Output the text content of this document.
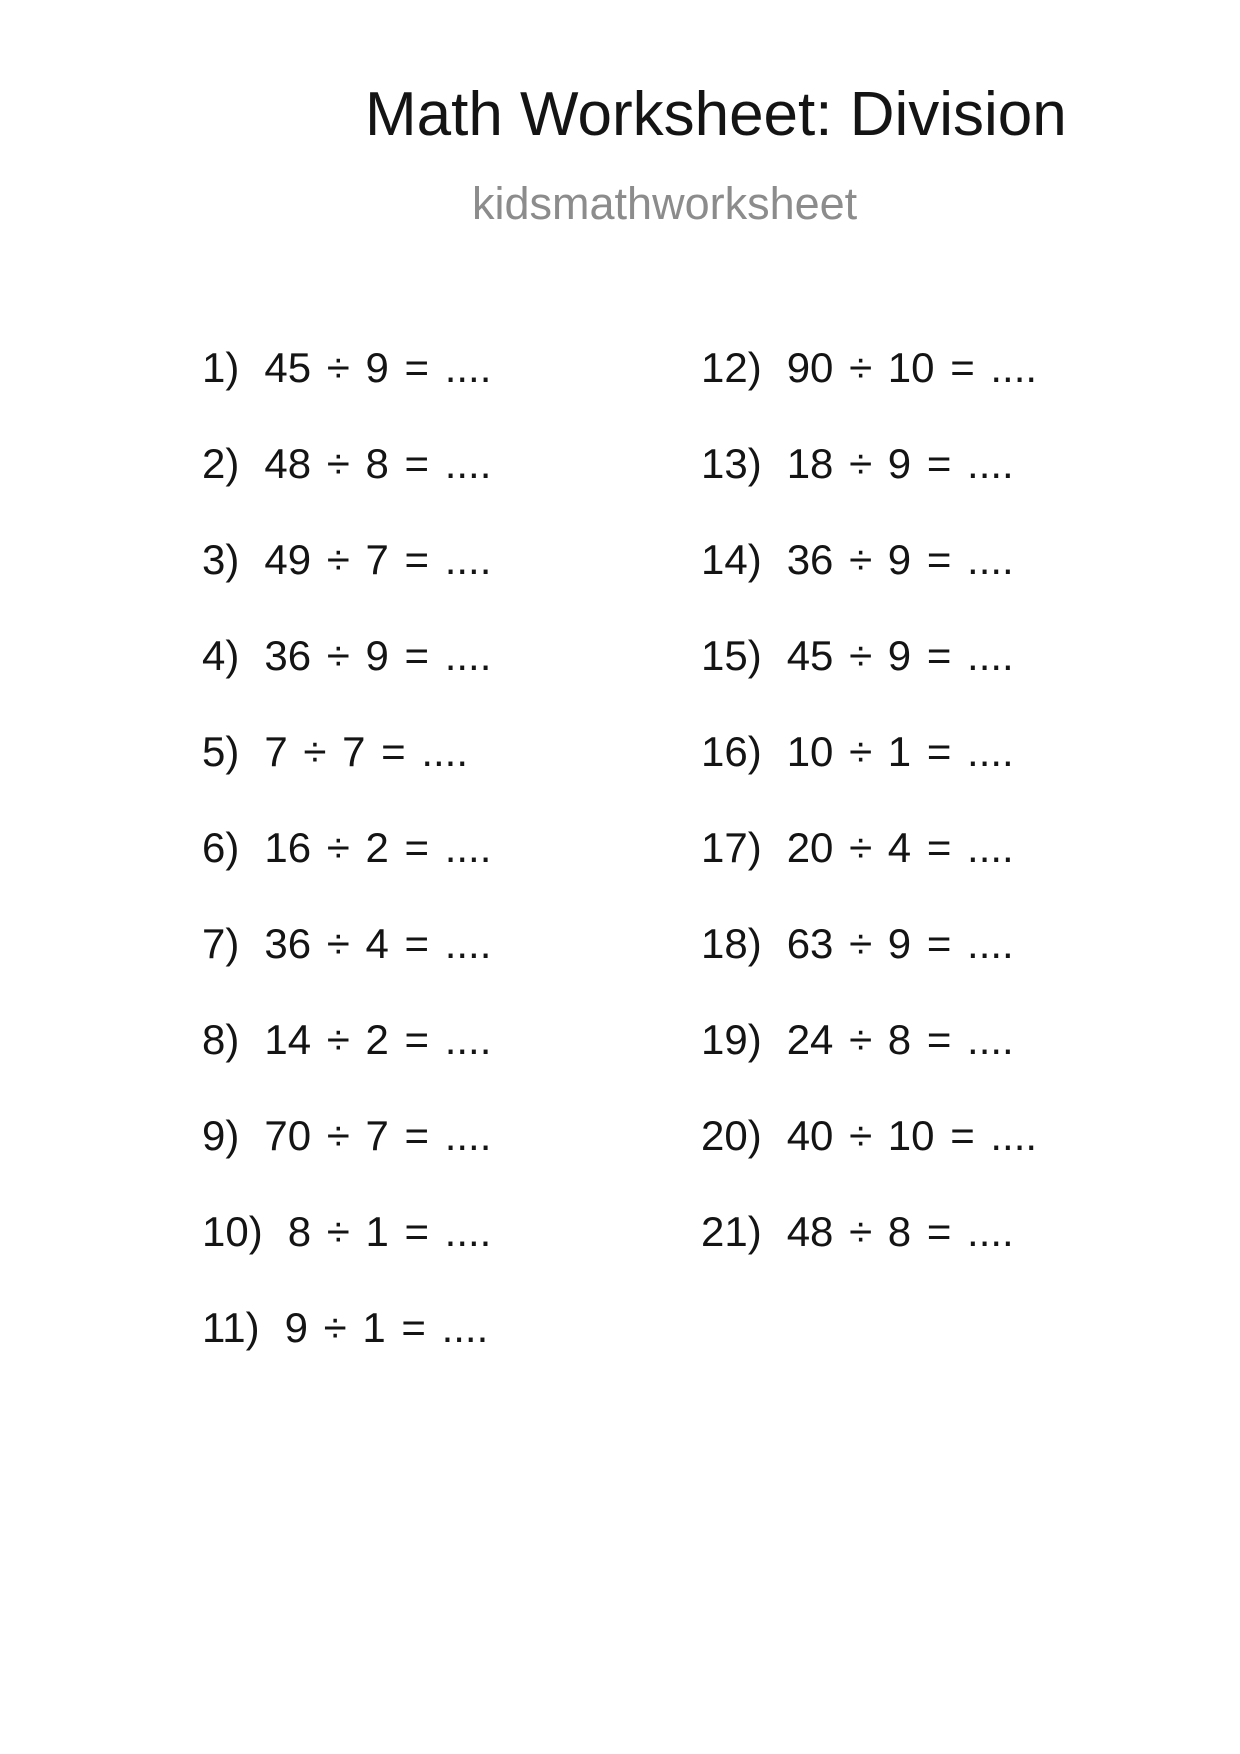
Math Worksheet: Division
kidsmathworksheet
1) 45 ÷ 9 = ....
2) 48 ÷ 8 = ....
3) 49 ÷ 7 = ....
4) 36 ÷ 9 = ....
5) 7 ÷ 7 = ....
6) 16 ÷ 2 = ....
7) 36 ÷ 4 = ....
8) 14 ÷ 2 = ....
9) 70 ÷ 7 = ....
10) 8 ÷ 1 = ....
11) 9 ÷ 1 = ....
12) 90 ÷ 10 = ....
13) 18 ÷ 9 = ....
14) 36 ÷ 9 = ....
15) 45 ÷ 9 = ....
16) 10 ÷ 1 = ....
17) 20 ÷ 4 = ....
18) 63 ÷ 9 = ....
19) 24 ÷ 8 = ....
20) 40 ÷ 10 = ....
21) 48 ÷ 8 = ....
